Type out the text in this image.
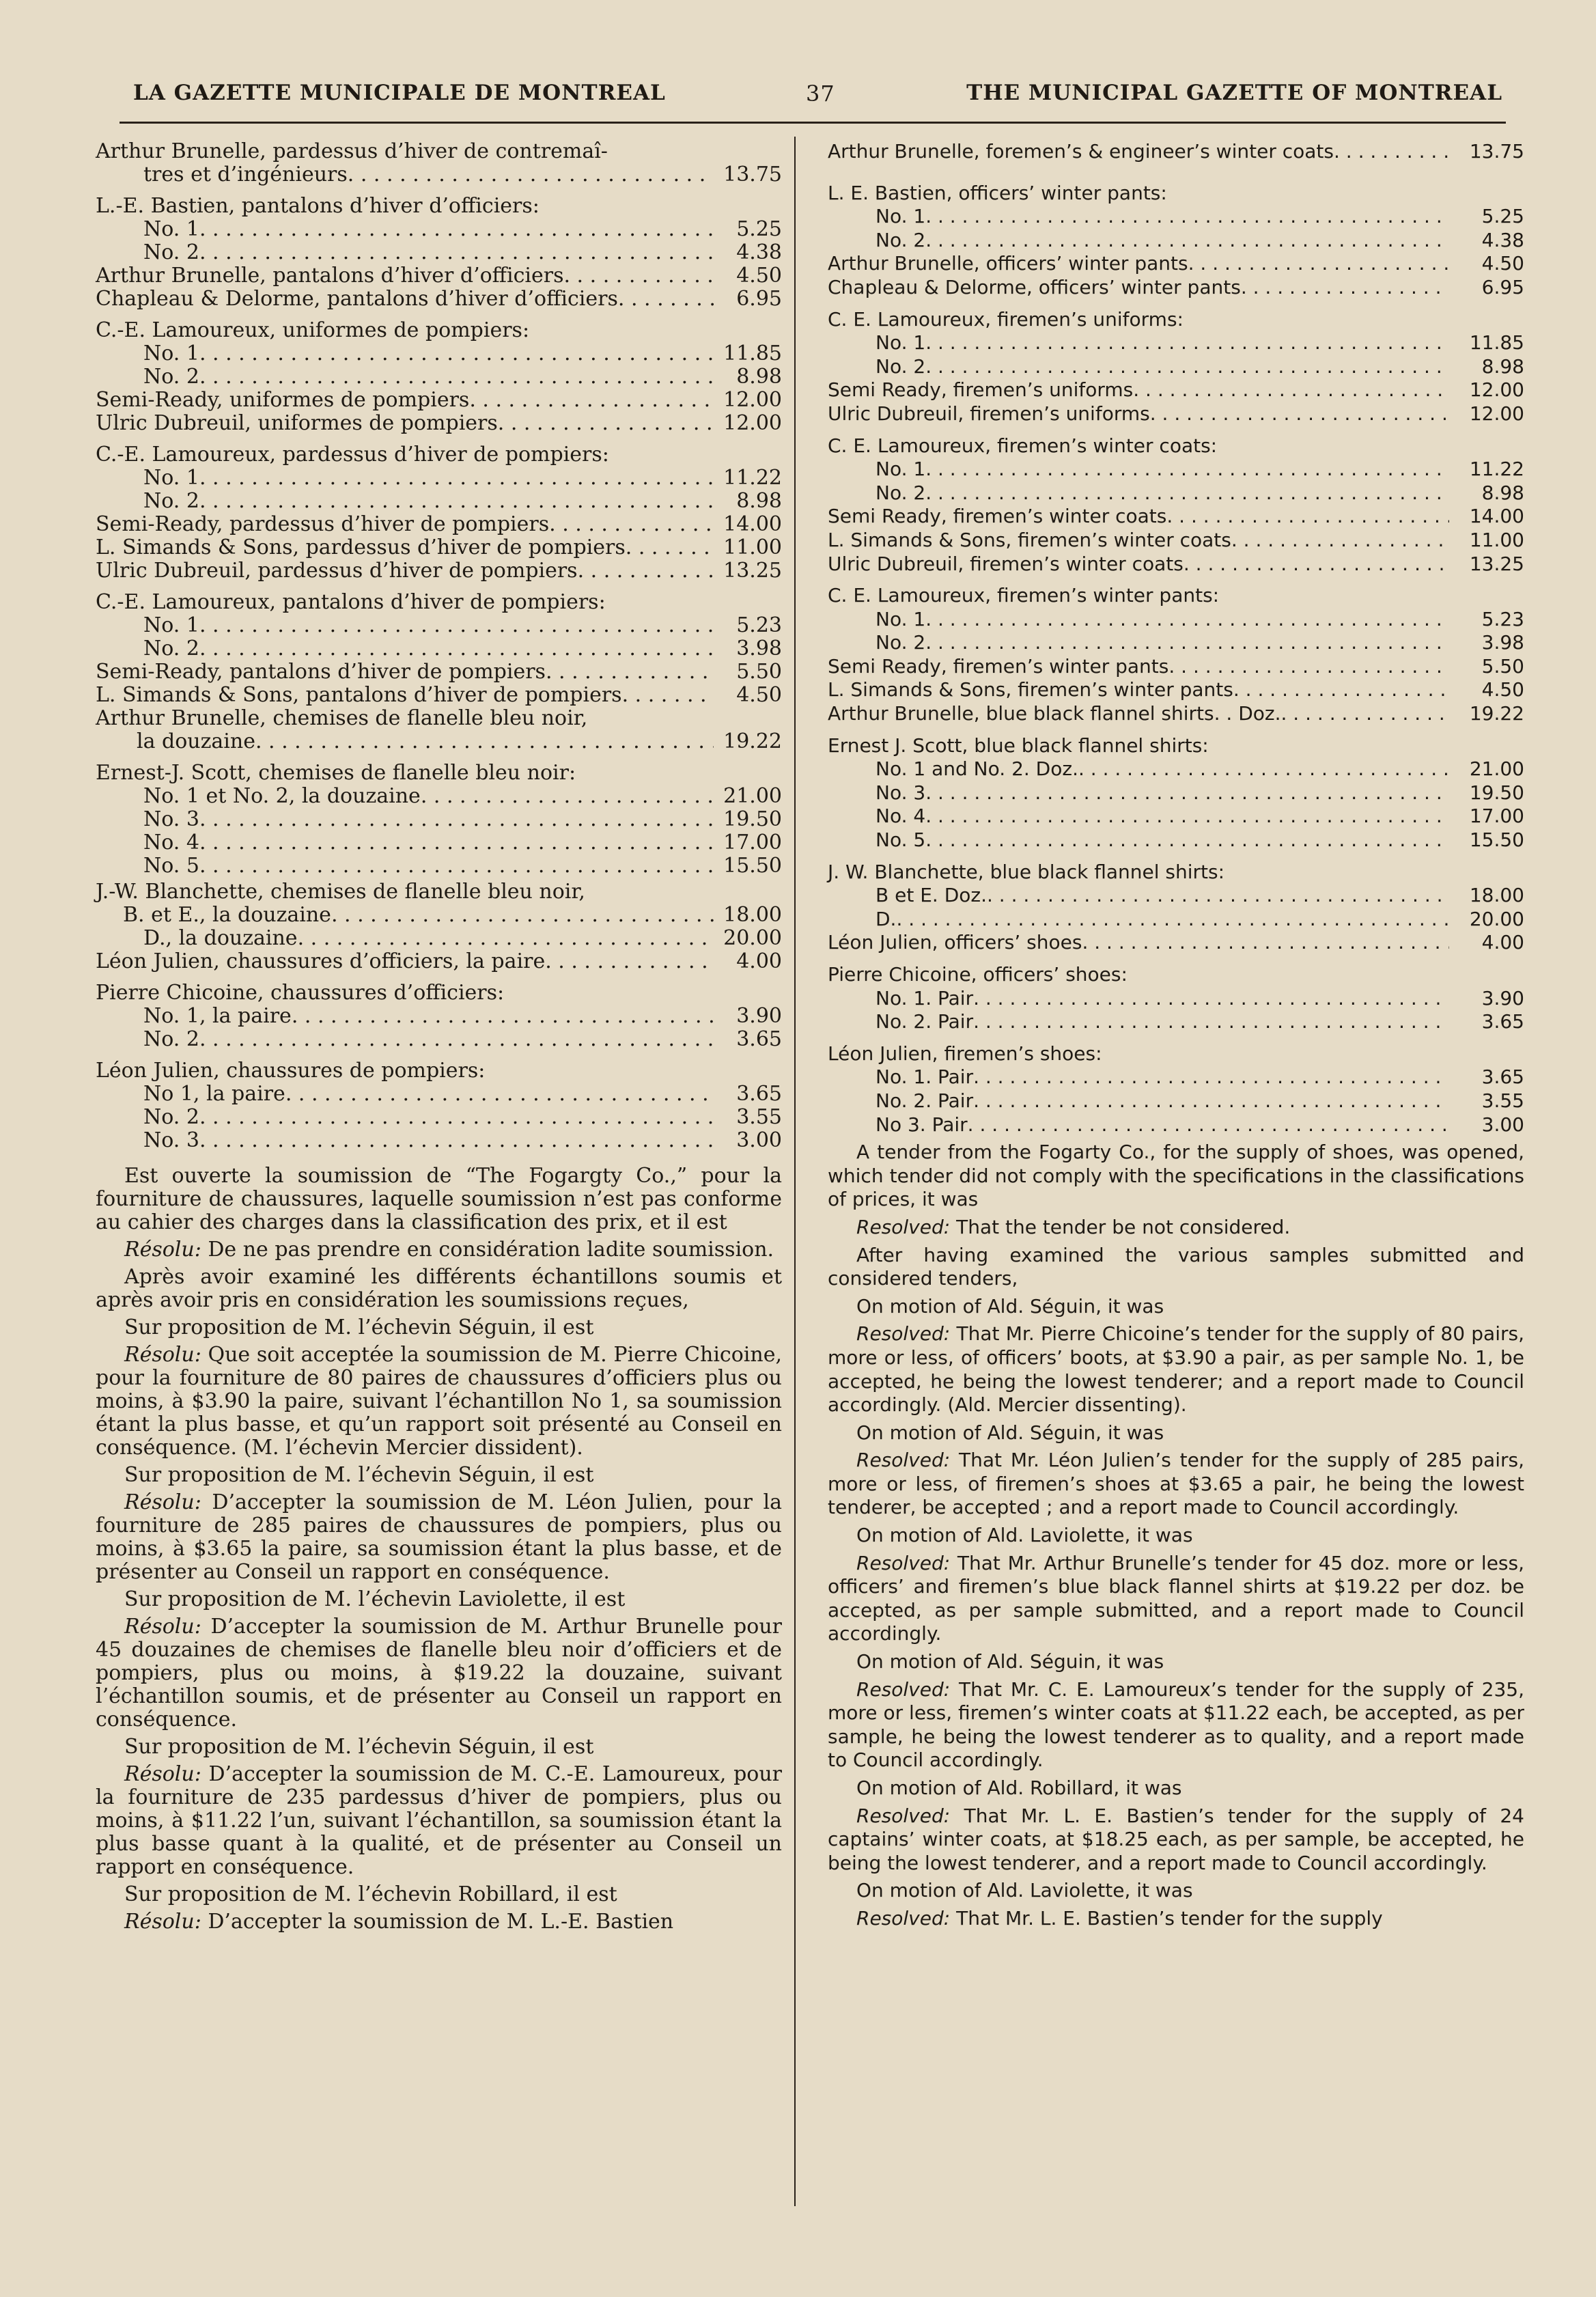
LA GAZETTE MUNICIPALE DE MONTREAL	37	THE MUNICIPAL GAZETTE OF MONTREAL
Arthur Brunelle, pardessus d’hiver de contremaî-
tres et d’ingénieurs . . .	13.75
L.-E. Bastien, pantalons d’hiver d’officiers:
No. 1 . . .	5.25
No. 2 . . .	4.38
Arthur Brunelle, pantalons d’hiver d’officiers . . .	4.50
Chapleau & Delorme, pantalons d’hiver d’officiers . . .	6.95
C.-E. Lamoureux, uniformes de pompiers:
No. 1 . . .	11.85
No. 2 . . .	8.98
Semi-Ready, uniformes de pompiers . . .	12.00
Ulric Dubreuil, uniformes de pompiers . . .	12.00
C.-E. Lamoureux, pardessus d’hiver de pompiers:
No. 1 . . .	11.22
No. 2 . . .	8.98
Semi-Ready, pardessus d’hiver de pompiers . . .	14.00
L. Simands & Sons, pardessus d’hiver de pompiers . . .	11.00
Ulric Dubreuil, pardessus d’hiver de pompiers . . .	13.25
C.-E. Lamoureux, pantalons d’hiver de pompiers:
No. 1 . . .	5.23
No. 2 . . .	3.98
Semi-Ready, pantalons d’hiver de pompiers . . .	5.50
L. Simands & Sons, pantalons d’hiver de pompiers . . .	4.50
Arthur Brunelle, chemises de flanelle bleu noir,
la douzaine . . .	19.22
Ernest-J. Scott, chemises de flanelle bleu noir:
No. 1 et No. 2, la douzaine . . .	21.00
No. 3 . . .	19.50
No. 4 . . .	17.00
No. 5 . . .	15.50
J.-W. Blanchette, chemises de flanelle bleu noir,
B. et E., la douzaine . . .	18.00
D., la douzaine . . .	20.00
Léon Julien, chaussures d’officiers, la paire . . .	4.00
Pierre Chicoine, chaussures d’officiers:
No. 1, la paire . . .	3.90
No. 2 . . .	3.65
Léon Julien, chaussures de pompiers:
No 1, la paire . . .	3.65
No. 2 . . .	3.55
No. 3 . . .	3.00

Est ouverte la soumission de “The Fogargty Co.,” pour la fourniture de chaussures, laquelle soumission n’est pas conforme au cahier des charges dans la classification des prix, et il est

Résolu: De ne pas prendre en considération ladite soumission.

Après avoir examiné les différents échantillons soumis et après avoir pris en considération les soumissions reçues,

Sur proposition de M. l’échevin Séguin, il est

Résolu: Que soit acceptée la soumission de M. Pierre Chicoine, pour la fourniture de 80 paires de chaussures d’officiers plus ou moins, à $3.90 la paire, suivant l’échantillon No 1, sa soumission étant la plus basse, et qu’un rapport soit présenté au Conseil en conséquence. (M. l’échevin Mercier dissident).

Sur proposition de M. l’échevin Séguin, il est

Résolu: D’accepter la soumission de M. Léon Julien, pour la fourniture de 285 paires de chaussures de pompiers, plus ou moins, à $3.65 la paire, sa soumission étant la plus basse, et de présenter au Conseil un rapport en conséquence.

Sur proposition de M. l’échevin Laviolette, il est

Résolu: D’accepter la soumission de M. Arthur Brunelle pour 45 douzaines de chemises de flanelle bleu noir d’officiers et de pompiers, plus ou moins, à $19.22 la douzaine, suivant l’échantillon soumis, et de présenter au Conseil un rapport en conséquence.

Sur proposition de M. l’échevin Séguin, il est

Résolu: D’accepter la soumission de M. C.-E. Lamoureux, pour la fourniture de 235 pardessus d’hiver de pompiers, plus ou moins, à $11.22 l’un, suivant l’échantillon, sa soumission étant la plus basse quant à la qualité, et de présenter au Conseil un rapport en conséquence.

Sur proposition de M. l’échevin Robillard, il est

Résolu: D’accepter la soumission de M. L.-E. Bastien

Arthur Brunelle, foremen’s & engineer’s winter coats . . .	13.75
L. E. Bastien, officers’ winter pants:
No. 1 . . .	5.25
No. 2 . . .	4.38
Arthur Brunelle, officers’ winter pants . . .	4.50
Chapleau & Delorme, officers’ winter pants . . .	6.95
C. E. Lamoureux, firemen’s uniforms:
No. 1 . . .	11.85
No. 2 . . .	8.98
Semi Ready, firemen’s uniforms . . .	12.00
Ulric Dubreuil, firemen’s uniforms . . .	12.00
C. E. Lamoureux, firemen’s winter coats:
No. 1 . . .	11.22
No. 2 . . .	8.98
Semi Ready, firemen’s winter coats . . .	14.00
L. Simands & Sons, firemen’s winter coats . . .	11.00
Ulric Dubreuil, firemen’s winter coats . . .	13.25
C. E. Lamoureux, firemen’s winter pants:
No. 1 . . .	5.23
No. 2 . . .	3.98
Semi Ready, firemen’s winter pants . . .	5.50
L. Simands & Sons, firemen’s winter pants . . .	4.50
Arthur Brunelle, blue black flannel shirts. . Doz. . . .	19.22
Ernest J. Scott, blue black flannel shirts:
No. 1 and No. 2. Doz. . . .	21.00
No. 3 . . .	19.50
No. 4 . . .	17.00
No. 5 . . .	15.50
J. W. Blanchette, blue black flannel shirts:
B et E. Doz. . . .	18.00
D. . . .	20.00
Léon Julien, officers’ shoes . . .	4.00
Pierre Chicoine, officers’ shoes:
No. 1. Pair . . .	3.90
No. 2. Pair . . .	3.65
Léon Julien, firemen’s shoes:
No. 1. Pair . . .	3.65
No. 2. Pair . . .	3.55
No 3. Pair . . .	3.00

A tender from the Fogarty Co., for the supply of shoes, was opened, which tender did not comply with the specifications in the classifications of prices, it was

Resolved: That the tender be not considered.

After having examined the various samples submitted and considered tenders,

On motion of Ald. Séguin, it was

Resolved: That Mr. Pierre Chicoine’s tender for the supply of 80 pairs, more or less, of officers’ boots, at $3.90 a pair, as per sample No. 1, be accepted, he being the lowest tenderer; and a report made to Council accordingly. (Ald. Mercier dissenting).

On motion of Ald. Séguin, it was

Resolved: That Mr. Léon Julien’s tender for the supply of 285 pairs, more or less, of firemen’s shoes at $3.65 a pair, he being the lowest tenderer, be accepted ; and a report made to Council accordingly.

On motion of Ald. Laviolette, it was

Resolved: That Mr. Arthur Brunelle’s tender for 45 doz. more or less, officers’ and firemen’s blue black flannel shirts at $19.22 per doz. be accepted, as per sample submitted, and a report made to Council accordingly.

On motion of Ald. Séguin, it was

Resolved: That Mr. C. E. Lamoureux’s tender for the supply of 235, more or less, firemen’s winter coats at $11.22 each, be accepted, as per sample, he being the lowest tenderer as to quality, and a report made to Council accordingly.

On motion of Ald. Robillard, it was

Resolved: That Mr. L. E. Bastien’s tender for the supply of 24 captains’ winter coats, at $18.25 each, as per sample, be accepted, he being the lowest tenderer, and a report made to Council accordingly.

On motion of Ald. Laviolette, it was

Resolved: That Mr. L. E. Bastien’s tender for the supply
